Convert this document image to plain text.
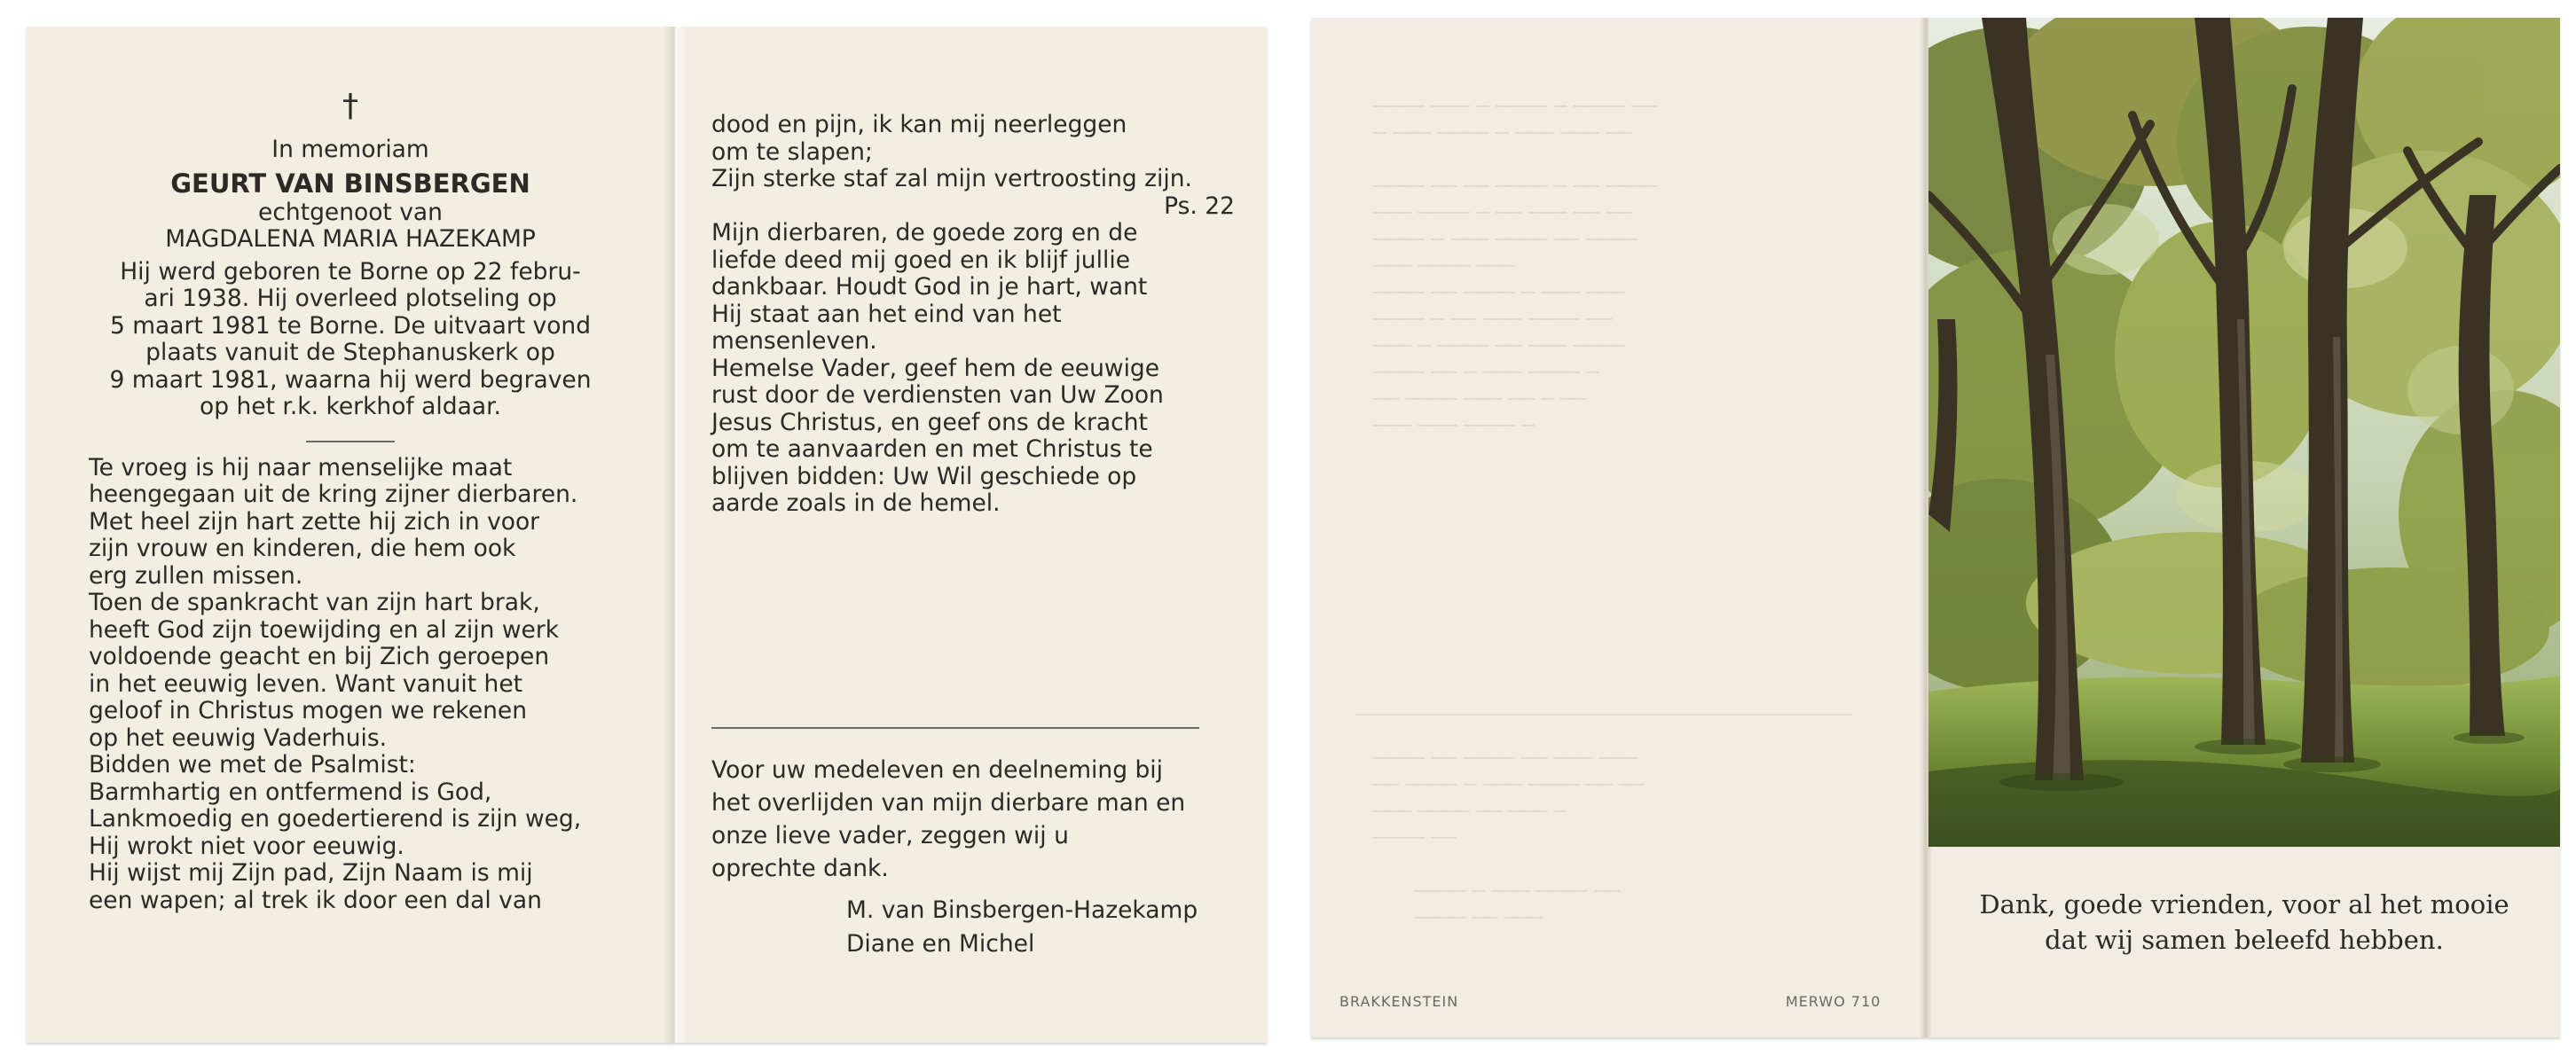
†

In memoriam

GEURT VAN BINSBERGEN

echtgenoot van

MAGDALENA MARIA HAZEKAMP

Hij werd geboren te Borne op 22 febru-

ari 1938. Hij overleed plotseling op

5 maart 1981 te Borne. De uitvaart vond

plaats vanuit de Stephanuskerk op

9 maart 1981, waarna hij werd begraven

op het r.k. kerkhof aldaar.

Te vroeg is hij naar menselijke maat

heengegaan uit de kring zijner dierbaren.

Met heel zijn hart zette hij zich in voor

zijn vrouw en kinderen, die hem ook

erg zullen missen.

Toen de spankracht van zijn hart brak,

heeft God zijn toewijding en al zijn werk

voldoende geacht en bij Zich geroepen

in het eeuwig leven. Want vanuit het

geloof in Christus mogen we rekenen

op het eeuwig Vaderhuis.

Bidden we met de Psalmist:

Barmhartig en ontfermend is God,

Lankmoedig en goedertierend is zijn weg,

Hij wrokt niet voor eeuwig.

Hij wijst mij Zijn pad, Zijn Naam is mij

een wapen; al trek ik door een dal van

dood en pijn, ik kan mij neerleggen

om te slapen;

Zijn sterke staf zal mijn vertroosting zijn.

Ps. 22

Mijn dierbaren, de goede zorg en de

liefde deed mij goed en ik blijf jullie

dankbaar. Houdt God in je hart, want

Hij staat aan het eind van het

mensenleven.

Hemelse Vader, geef hem de eeuwige

rust door de verdiensten van Uw Zoon

Jesus Christus, en geef ons de kracht

om te aanvaarden en met Christus te

blijven bidden: Uw Wil geschiede op

aarde zoals in de hemel.

Voor uw medeleven en deelneming bij

het overlijden van mijn dierbare man en

onze lieve vader, zeggen wij u

oprechte dank.

M. van Binsbergen-Hazekamp

Diane en Michel

──── ─── ─ ──── ─ ──── ──
─ ─── ──── ─ ─── ─── ──

──── ── ── ──── ─ ── ────
─── ──── ─ ── ─── ── ──
──── ─ ─── ──── ── ────
─── ──── ───
──── ── ──── ─ ─── ───
──── ─ ── ─── ──── ──
─── ─ ──── ── ─── ────
──── ── ─ ─── ──── ─
── ──── ─── ── ─ ──
─── ─── ──── ─
──── ── ──── ── ─── ───
── ──── ─ ─── ──── ── ──
─── ──── ── ─── ─
──── ──

──── ─ ─── ──── ──
──── ── ───	Dank, goede vrienden, voor al het mooie

dat wij samen beleefd hebben.

BRAKKENSTEIN	MERWO 710
